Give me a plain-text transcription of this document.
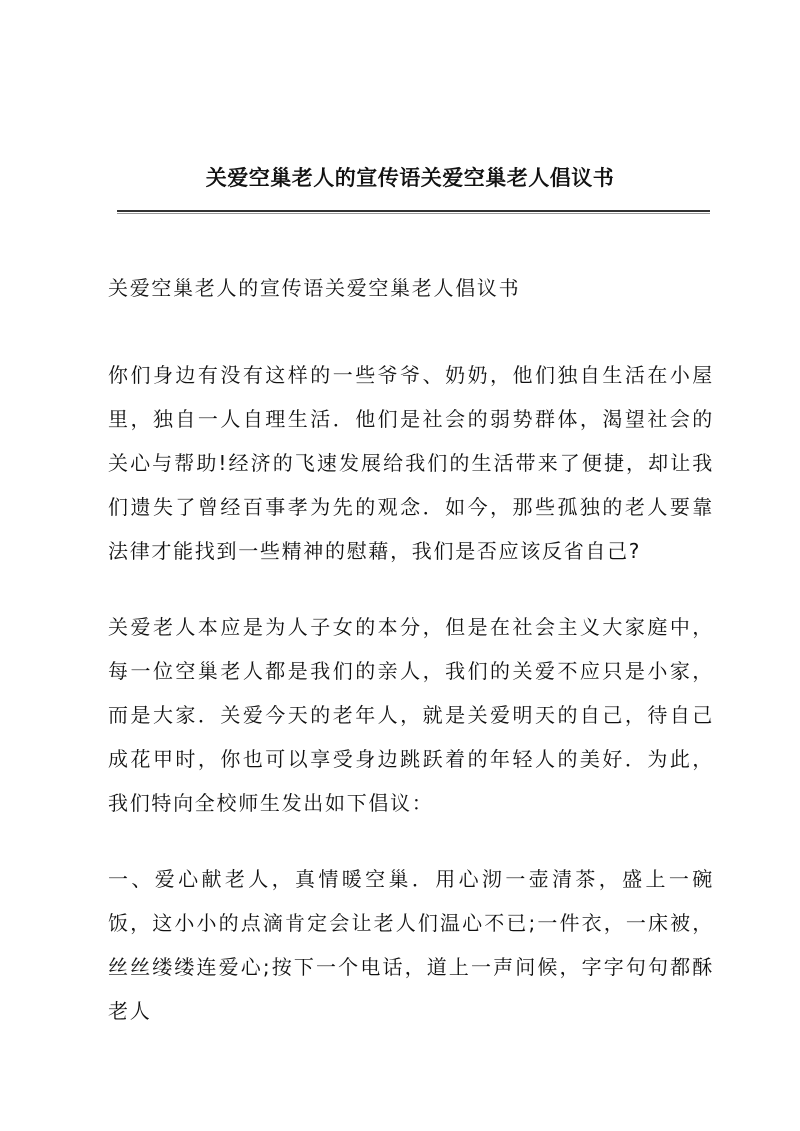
关爱空巢老人的宣传语关爱空巢老人倡议书

关爱空巢老人的宣传语关爱空巢老人倡议书

你们身边有没有这样的一些爷爷、奶奶，他们独自生活在小屋里，独自一人自理生活．他们是社会的弱势群体，渴望社会的关心与帮助!经济的飞速发展给我们的生活带来了便捷，却让我们遗失了曾经百事孝为先的观念．如今，那些孤独的老人要靠法律才能找到一些精神的慰藉，我们是否应该反省自己?

关爱老人本应是为人子女的本分，但是在社会主义大家庭中，每一位空巢老人都是我们的亲人，我们的关爱不应只是小家，而是大家．关爱今天的老年人，就是关爱明天的自己，待自己成花甲时，你也可以享受身边跳跃着的年轻人的美好．为此，我们特向全校师生发出如下倡议：

一、爱心献老人，真情暖空巢．用心沏一壶清茶，盛上一碗饭，这小小的点滴肯定会让老人们温心不已;一件衣，一床被，丝丝缕缕连爱心;按下一个电话，道上一声问候，字字句句都酥老人
